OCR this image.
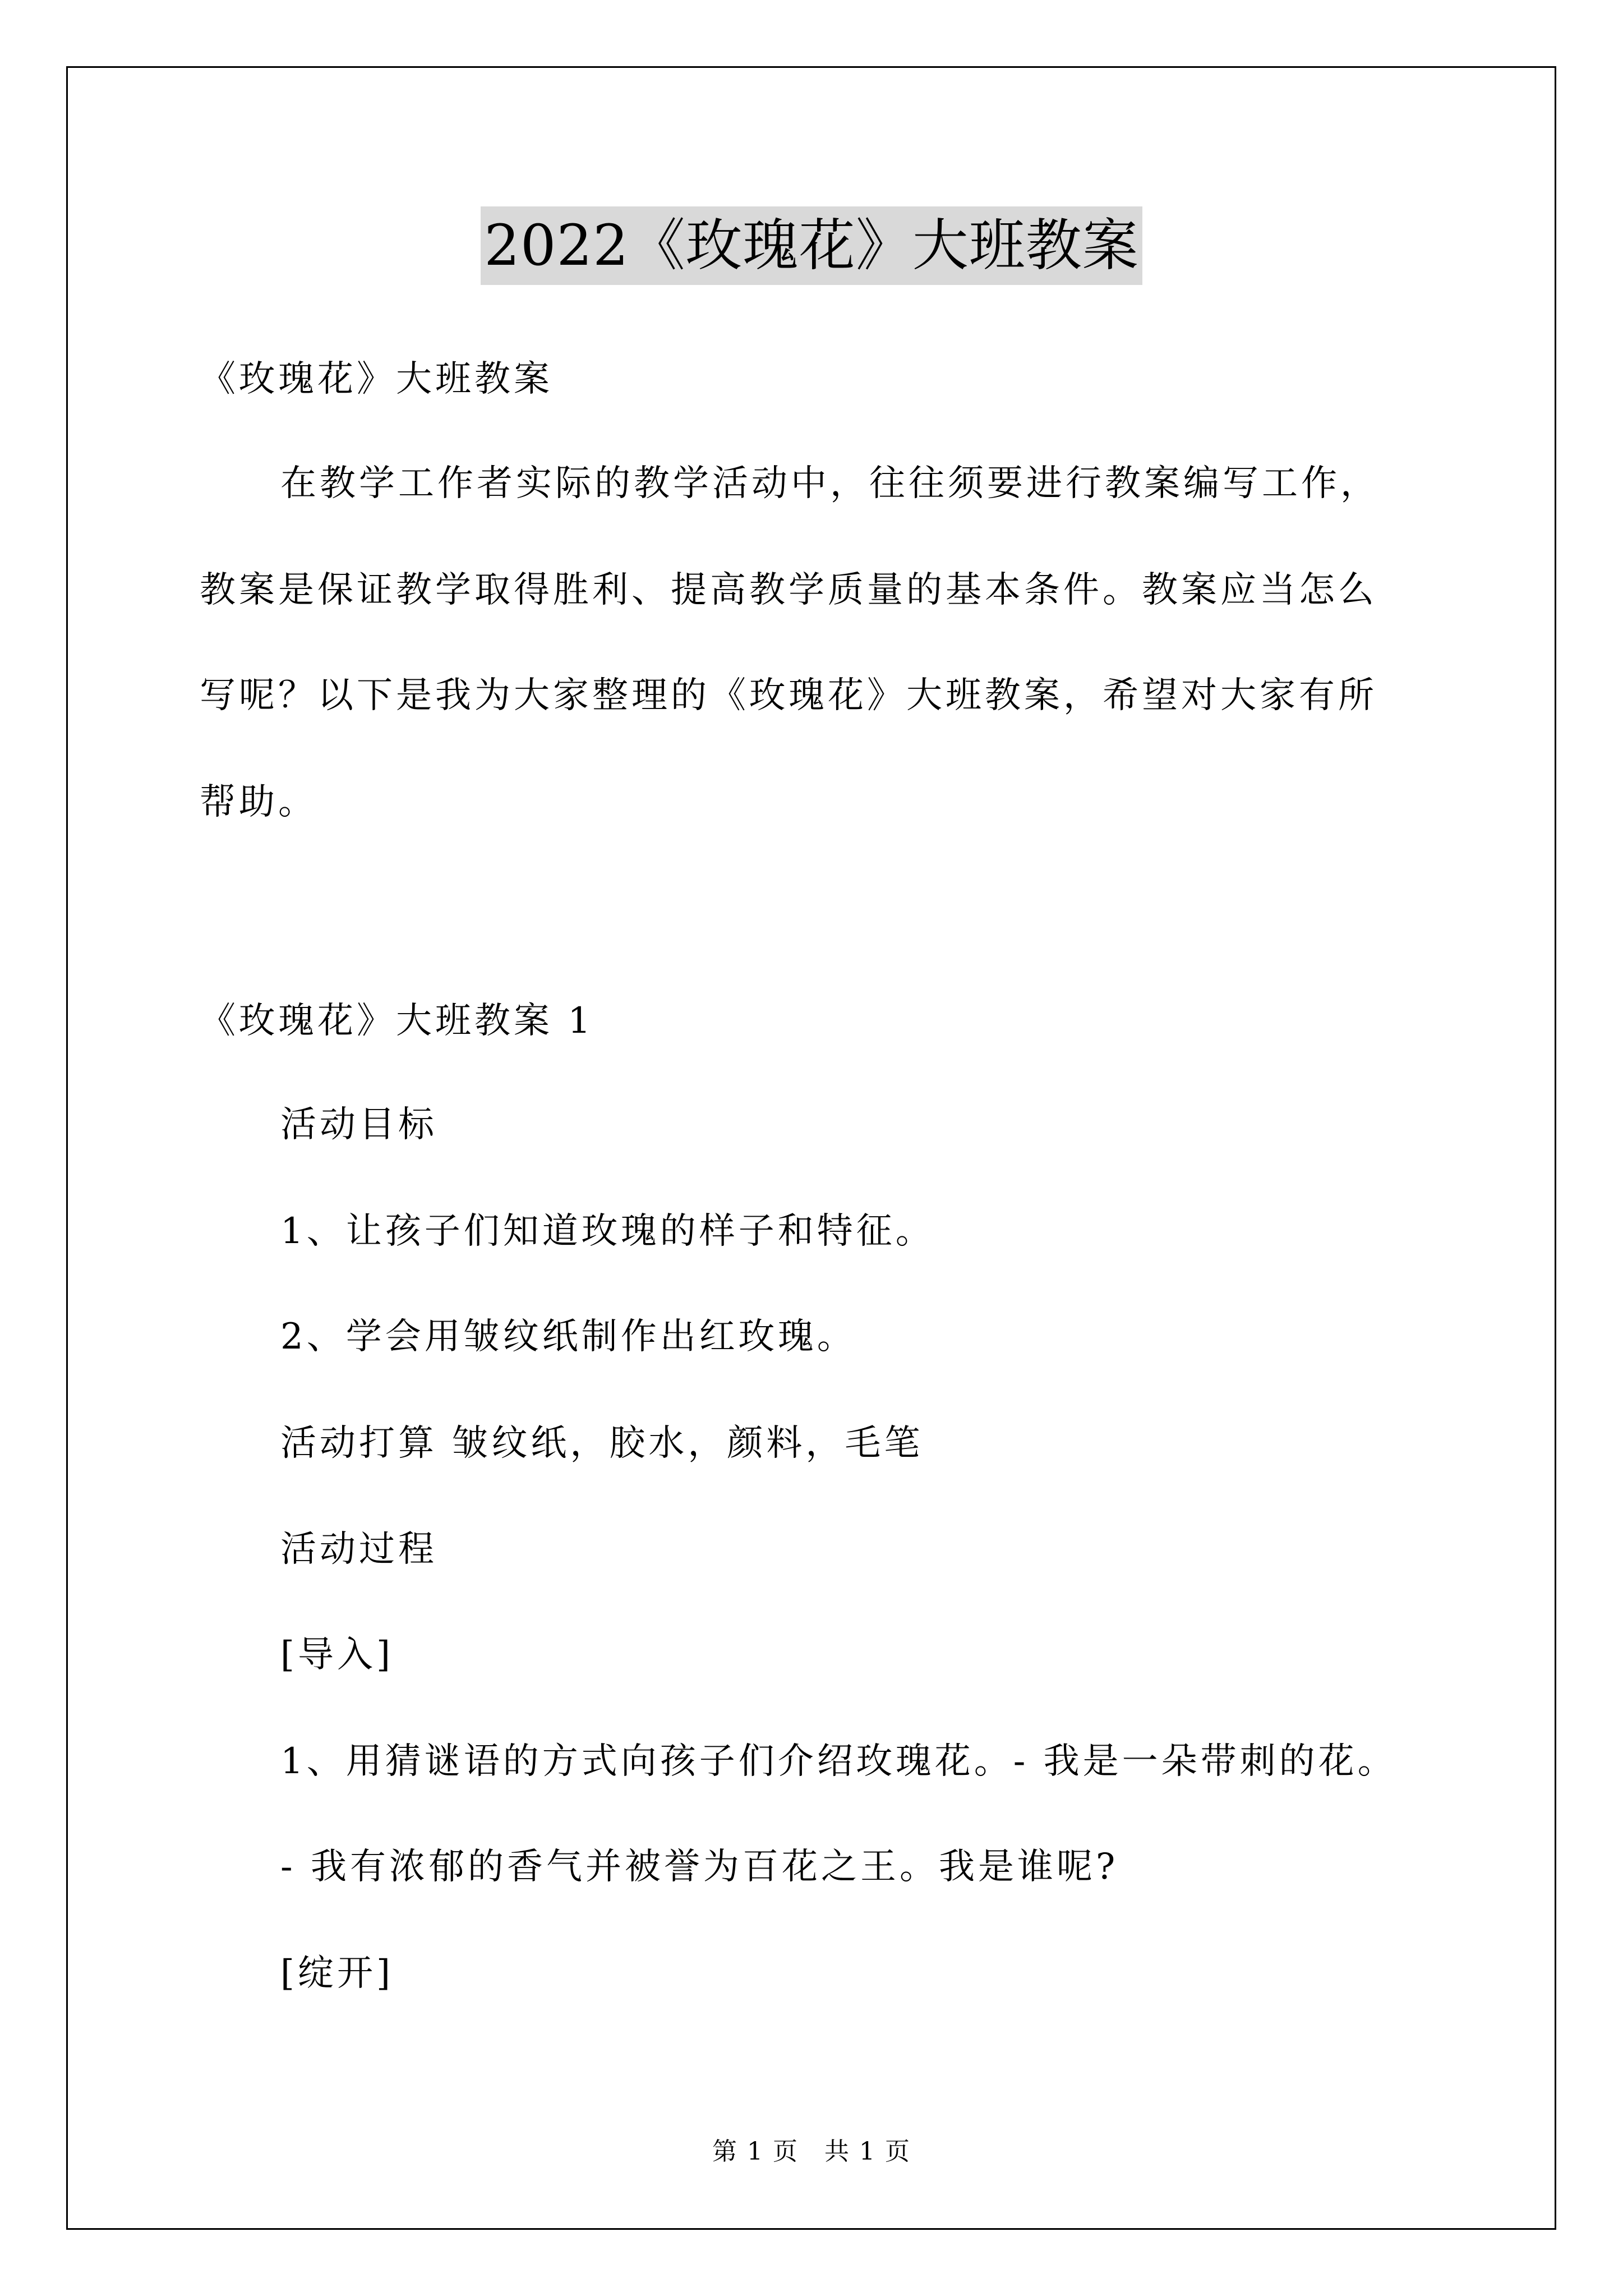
2022《玫瑰花》大班教案
《玫瑰花》大班教案
在教学工作者实际的教学活动中，往往须要进行教案编写工作，
教案是保证教学取得胜利、提高教学质量的基本条件。教案应当怎么
写呢？以下是我为大家整理的《玫瑰花》大班教案，希望对大家有所
帮助。
《玫瑰花》大班教案 1
活动目标
1、让孩子们知道玫瑰的样子和特征。
2、学会用皱纹纸制作出红玫瑰。
活动打算 皱纹纸，胶水，颜料，毛笔
活动过程
[导入]
1、用猜谜语的方式向孩子们介绍玫瑰花。- 我是一朵带刺的花。
- 我有浓郁的香气并被誉为百花之王。我是谁呢?
[绽开]
第 1 页　共 1 页
